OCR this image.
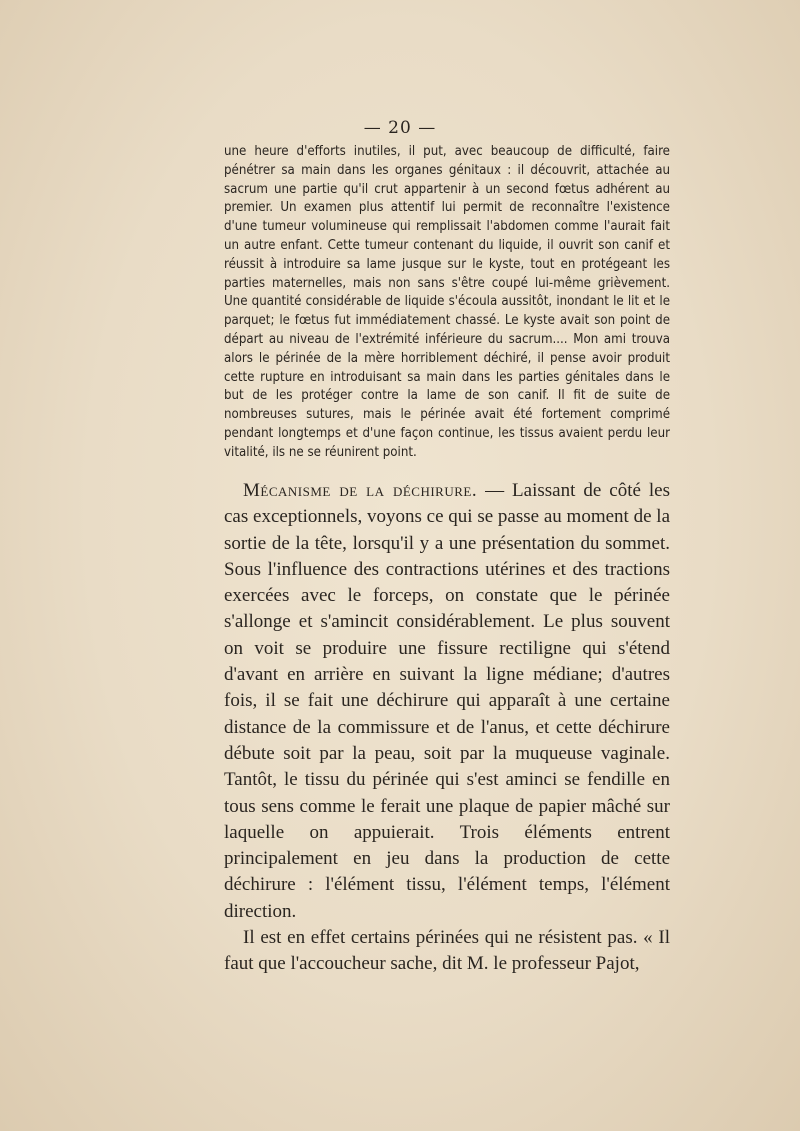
— 20 —

une heure d'efforts inutiles, il put, avec beaucoup de difficulté, faire pénétrer sa main dans les organes génitaux : il découvrit, attachée au sacrum une partie qu'il crut appartenir à un second fœtus adhérent au premier. Un examen plus attentif lui permit de reconnaître l'existence d'une tumeur volumineuse qui remplissait l'abdomen comme l'aurait fait un autre enfant. Cette tumeur contenant du liquide, il ouvrit son canif et réussit à introduire sa lame jusque sur le kyste, tout en protégeant les parties maternelles, mais non sans s'être coupé lui-même grièvement. Une quantité considérable de liquide s'écoula aussitôt, inondant le lit et le parquet; le fœtus fut immédiatement chassé. Le kyste avait son point de départ au niveau de l'extrémité inférieure du sacrum.... Mon ami trouva alors le périnée de la mère horriblement déchiré, il pense avoir produit cette rupture en introduisant sa main dans les parties génitales dans le but de les protéger contre la lame de son canif. Il fit de suite de nombreuses sutures, mais le périnée avait été fortement comprimé pendant longtemps et d'une façon continue, les tissus avaient perdu leur vitalité, ils ne se réunirent point.

Mécanisme de la déchirure. — Laissant de côté les cas exceptionnels, voyons ce qui se passe au moment de la sortie de la tête, lorsqu'il y a une présentation du sommet. Sous l'influence des contractions utérines et des tractions exercées avec le forceps, on constate que le périnée s'allonge et s'amincit considérablement. Le plus souvent on voit se produire une fissure rectiligne qui s'étend d'avant en arrière en suivant la ligne médiane; d'autres fois, il se fait une déchirure qui apparaît à une certaine distance de la commissure et de l'anus, et cette déchirure débute soit par la peau, soit par la muqueuse vaginale. Tantôt, le tissu du périnée qui s'est aminci se fendille en tous sens comme le ferait une plaque de papier mâché sur laquelle on appuierait. Trois éléments entrent principalement en jeu dans la production de cette déchirure : l'élément tissu, l'élément temps, l'élément direction.

Il est en effet certains périnées qui ne résistent pas. « Il faut que l'accoucheur sache, dit M. le professeur Pajot,
